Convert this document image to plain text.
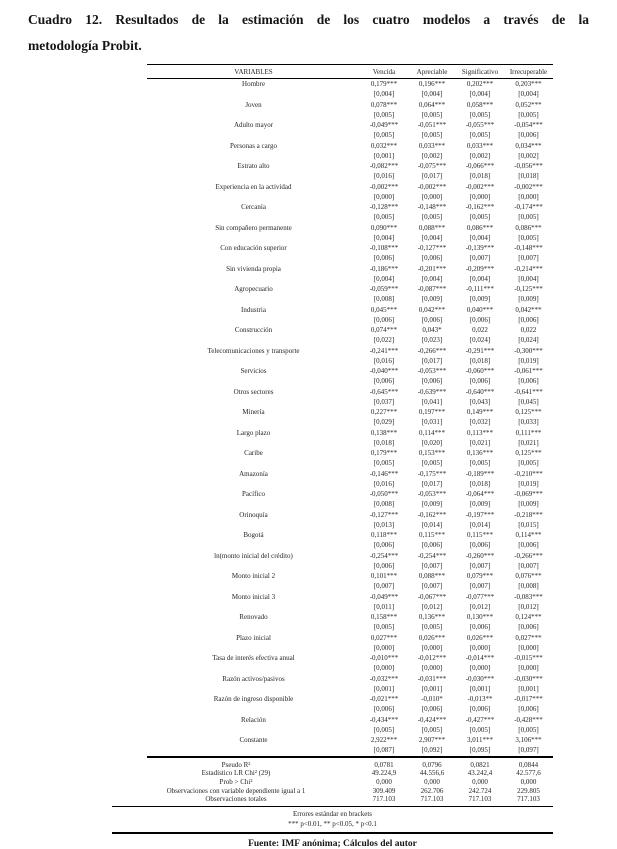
Cuadro 12. Resultados de la estimación de los cuatro modelos a través de la
metodología Probit.
VARIABLES	Vencida	Apreciable	Significativo	Irrecuperable
Hombre	0,179***	0,196***	0,202***	0,203***
	[0,004]	[0,004]	[0,004]	[0,004]
Joven	0,078***	0,064***	0,058***	0,052***
	[0,005]	[0,005]	[0,005]	[0,005]
Adulto mayor	-0,049***	-0,051***	-0,055***	-0,054***
	[0,005]	[0,005]	[0,005]	[0,006]
Personas a cargo	0,032***	0,033***	0,033***	0,034***
	[0,001]	[0,002]	[0,002]	[0,002]
Estrato alto	-0,082***	-0,075***	-0,066***	-0,056***
	[0,016]	[0,017]	[0,018]	[0,018]
Experiencia en la actividad	-0,002***	-0,002***	-0,002***	-0,002***
	[0,000]	[0,000]	[0,000]	[0,000]
Cercanía	-0,128***	-0,148***	-0,162***	-0,174***
	[0,005]	[0,005]	[0,005]	[0,005]
Sin compañero permanente	0,090***	0,088***	0,086***	0,086***
	[0,004]	[0,004]	[0,004]	[0,005]
Con educación superior	-0,108***	-0,127***	-0,139***	-0,148***
	[0,006]	[0,006]	[0,007]	[0,007]
Sin vivienda propia	-0,186***	-0,201***	-0,209***	-0,214***
	[0,004]	[0,004]	[0,004]	[0,004]
Agropecuario	-0,059***	-0,087***	-0,111***	-0,125***
	[0,008]	[0,009]	[0,009]	[0,009]
Industria	0,045***	0,042***	0,040***	0,042***
	[0,006]	[0,006]	[0,006]	[0,006]
Construcción	0,074***	0,043*	0,022	0,022
	[0,022]	[0,023]	[0,024]	[0,024]
Telecomunicaciones y transporte	-0,241***	-0,266***	-0,291***	-0,300***
	[0,016]	[0,017]	[0,018]	[0,019]
Servicios	-0,040***	-0,053***	-0,060***	-0,061***
	[0,006]	[0,006]	[0,006]	[0,006]
Otros sectores	-0,645***	-0,639***	-0,640***	-0,641***
	[0,037]	[0,041]	[0,043]	[0,045]
Minería	0,227***	0,197***	0,149***	0,125***
	[0,029]	[0,031]	[0,032]	[0,033]
Largo plazo	0,138***	0,114***	0,113***	0,111***
	[0,018]	[0,020]	[0,021]	[0,021]
Caribe	0,179***	0,153***	0,136***	0,125***
	[0,005]	[0,005]	[0,005]	[0,005]
Amazonía	-0,146***	-0,175***	-0,189***	-0,210***
	[0,016]	[0,017]	[0,018]	[0,019]
Pacífico	-0,050***	-0,053***	-0,064***	-0,069***
	[0,008]	[0,009]	[0,009]	[0,009]
Orinoquía	-0,127***	-0,162***	-0,197***	-0,218***
	[0,013]	[0,014]	[0,014]	[0,015]
Bogotá	0,118***	0,115***	0,115***	0,114***
	[0,006]	[0,006]	[0,006]	[0,006]
ln(monto inicial del crédito)	-0,254***	-0,254***	-0,260***	-0,266***
	[0,006]	[0,007]	[0,007]	[0,007]
Monto inicial 2	0,101***	0,088***	0,079***	0,076***
	[0,007]	[0,007]	[0,007]	[0,008]
Monto inicial 3	-0,049***	-0,067***	-0,077***	-0,083***
	[0,011]	[0,012]	[0,012]	[0,012]
Renovado	0,158***	0,136***	0,130***	0,124***
	[0,005]	[0,005]	[0,006]	[0,006]
Plazo inicial	0,027***	0,026***	0,026***	0,027***
	[0,000]	[0,000]	[0,000]	[0,000]
Tasa de interés efectiva anual	-0,010***	-0,012***	-0,014***	-0,015***
	[0,000]	[0,000]	[0,000]	[0,000]
Razón activos/pasivos	-0,032***	-0,031***	-0,030***	-0,030***
	[0,001]	[0,001]	[0,001]	[0,001]
Razón de ingreso disponible	-0,021***	-0,010*	-0,013**	-0,017***
	[0,006]	[0,006]	[0,006]	[0,006]
Relación	-0,434***	-0,424***	-0,427***	-0,428***
	[0,005]	[0,005]	[0,005]	[0,005]
Constante	2,922***	2,907***	3,011***	3,106***
	[0,087]	[0,092]	[0,095]	[0,097]
Pseudo R²	0,0781	0,0796	0,0821	0,0844
Estadístico LR Chi² (29)	49.224,9	44.556,6	43.242,4	42.577,6
Prob > Chi²	0,000	0,000	0,000	0,000
Observaciones con variable dependiente igual a 1	309.409	262.706	242.724	229.805
Observaciones totales	717.103	717.103	717.103	717.103
Errores estándar en brackets
*** p<0.01, ** p<0.05, * p<0.1
Fuente: IMF anónima; Cálculos del autor
